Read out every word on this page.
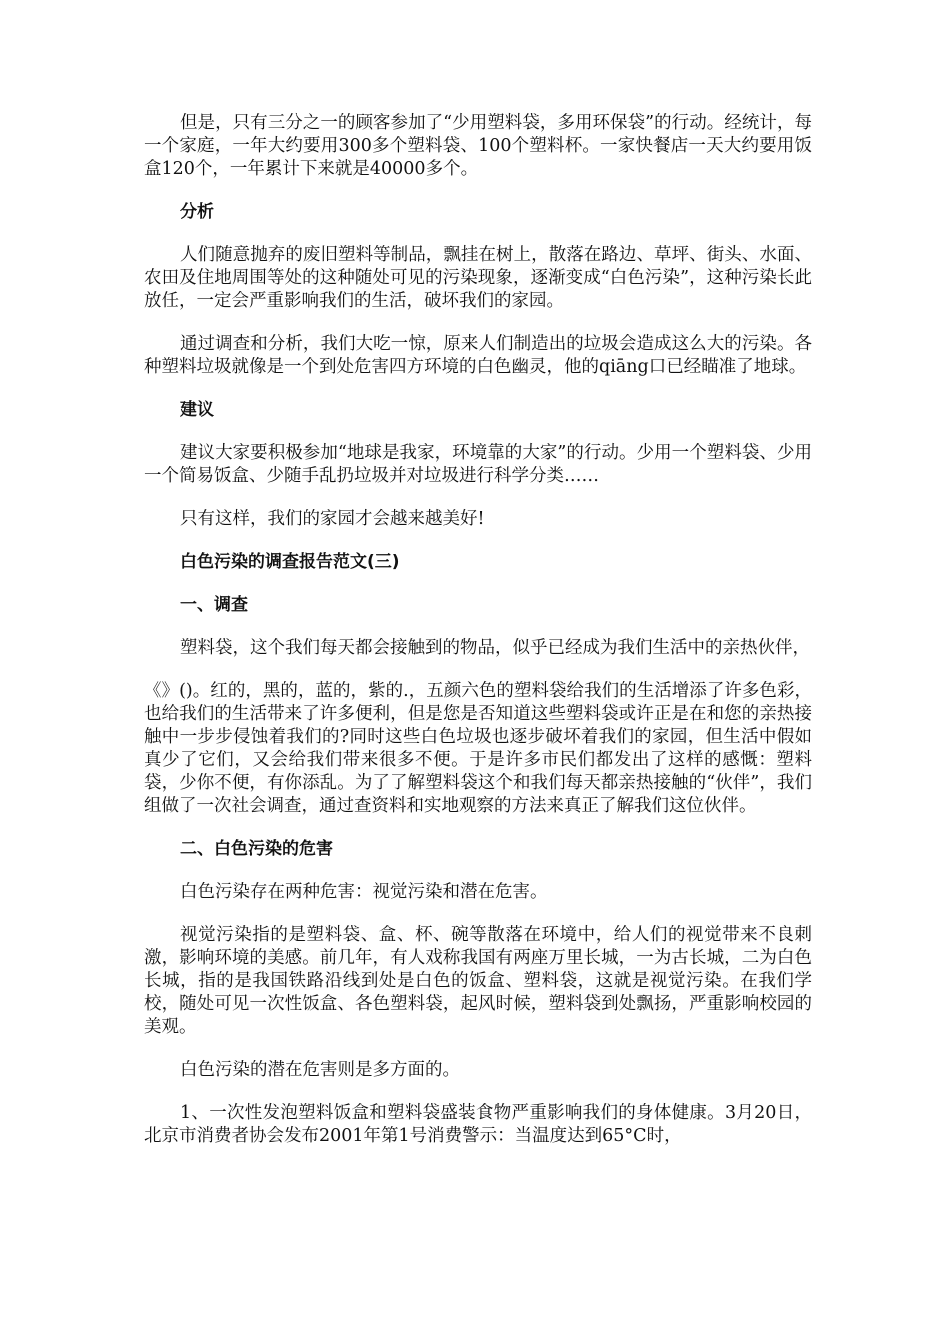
但是，只有三分之一的顾客参加了“少用塑料袋，多用环保袋”的行动。经统计，每一个家庭，一年大约要用300多个塑料袋、100个塑料杯。一家快餐店一天大约要用饭盒120个，一年累计下来就是40000多个。

分析

人们随意抛弃的废旧塑料等制品，飘挂在树上，散落在路边、草坪、街头、水面、农田及住地周围等处的这种随处可见的污染现象，逐渐变成“白色污染”，这种污染长此放任，一定会严重影响我们的生活，破坏我们的家园。

通过调查和分析，我们大吃一惊，原来人们制造出的垃圾会造成这么大的污染。各种塑料垃圾就像是一个到处危害四方环境的白色幽灵，他的qiāng口已经瞄准了地球。

建议

建议大家要积极参加“地球是我家，环境靠的大家”的行动。少用一个塑料袋、少用一个简易饭盒、少随手乱扔垃圾并对垃圾进行科学分类……

只有这样，我们的家园才会越来越美好!

白色污染的调查报告范文(三)

一、调查

塑料袋，这个我们每天都会接触到的物品，似乎已经成为我们生活中的亲热伙伴，

《》()。红的，黑的，蓝的，紫的.，五颜六色的塑料袋给我们的生活增添了许多色彩，也给我们的生活带来了许多便利，但是您是否知道这些塑料袋或许正是在和您的亲热接触中一步步侵蚀着我们的?同时这些白色垃圾也逐步破坏着我们的家园，但生活中假如真少了它们，又会给我们带来很多不便。于是许多市民们都发出了这样的感慨：塑料袋，少你不便，有你添乱。为了了解塑料袋这个和我们每天都亲热接触的“伙伴”，我们组做了一次社会调查，通过查资料和实地观察的方法来真正了解我们这位伙伴。

二、白色污染的危害

白色污染存在两种危害：视觉污染和潜在危害。

视觉污染指的是塑料袋、盒、杯、碗等散落在环境中，给人们的视觉带来不良刺激，影响环境的美感。前几年，有人戏称我国有两座万里长城，一为古长城，二为白色长城，指的是我国铁路沿线到处是白色的饭盒、塑料袋，这就是视觉污染。在我们学校，随处可见一次性饭盒、各色塑料袋，起风时候，塑料袋到处飘扬，严重影响校园的美观。

白色污染的潜在危害则是多方面的。

1、一次性发泡塑料饭盒和塑料袋盛装食物严重影响我们的身体健康。3月20日，北京市消费者协会发布2001年第1号消费警示：当温度达到65°C时，
